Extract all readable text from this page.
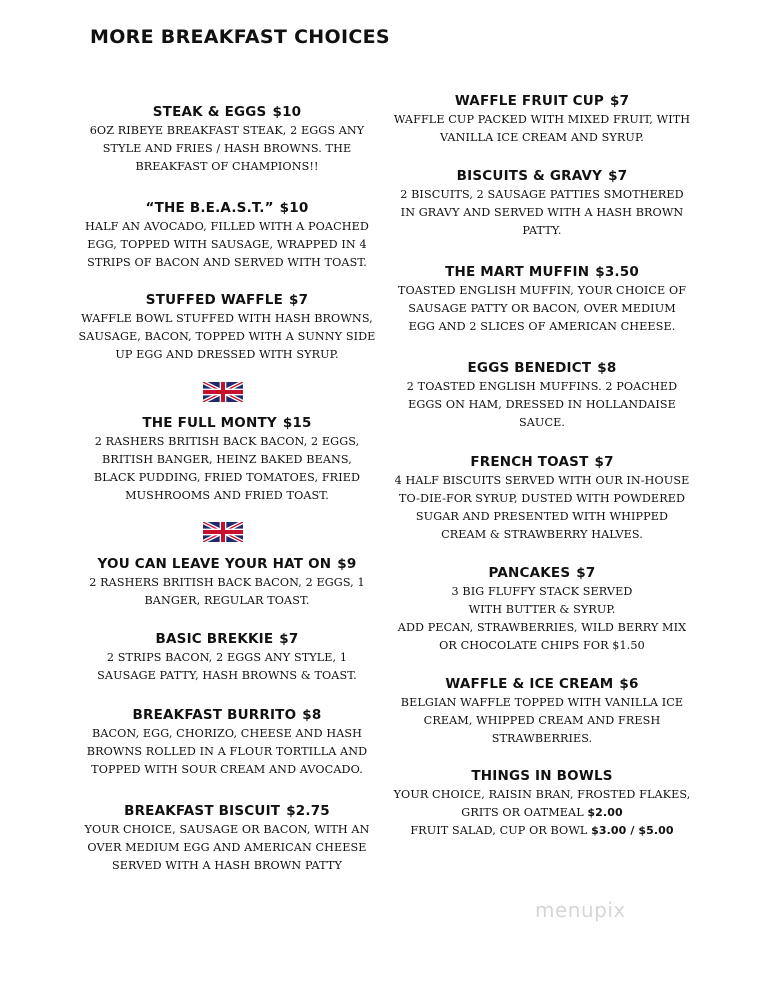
MORE BREAKFAST CHOICES
STEAK & EGGS $10
6OZ RIBEYE BREAKFAST STEAK, 2 EGGS ANY
STYLE AND FRIES / HASH BROWNS. THE
BREAKFAST OF CHAMPIONS!!
“THE B.E.A.S.T.” $10
HALF AN AVOCADO, FILLED WITH A POACHED
EGG, TOPPED WITH SAUSAGE, WRAPPED IN 4
STRIPS OF BACON AND SERVED WITH TOAST.
STUFFED WAFFLE $7
WAFFLE BOWL STUFFED WITH HASH BROWNS,
SAUSAGE, BACON, TOPPED WITH A SUNNY SIDE
UP EGG AND DRESSED WITH SYRUP.
THE FULL MONTY $15
2 RASHERS BRITISH BACK BACON, 2 EGGS,
BRITISH BANGER, HEINZ BAKED BEANS,
BLACK PUDDING, FRIED TOMATOES, FRIED
MUSHROOMS AND FRIED TOAST.
YOU CAN LEAVE YOUR HAT ON $9
2 RASHERS BRITISH BACK BACON, 2 EGGS, 1
BANGER, REGULAR TOAST.
BASIC BREKKIE $7
2 STRIPS BACON, 2 EGGS ANY STYLE, 1
SAUSAGE PATTY, HASH BROWNS & TOAST.
BREAKFAST BURRITO $8
BACON, EGG, CHORIZO, CHEESE AND HASH
BROWNS ROLLED IN A FLOUR TORTILLA AND
TOPPED WITH SOUR CREAM AND AVOCADO.
BREAKFAST BISCUIT $2.75
YOUR CHOICE, SAUSAGE OR BACON, WITH AN
OVER MEDIUM EGG AND AMERICAN CHEESE
SERVED WITH A HASH BROWN PATTY
WAFFLE FRUIT CUP $7
WAFFLE CUP PACKED WITH MIXED FRUIT, WITH
VANILLA ICE CREAM AND SYRUP.
BISCUITS & GRAVY $7
2 BISCUITS, 2 SAUSAGE PATTIES SMOTHERED
IN GRAVY AND SERVED WITH A HASH BROWN
PATTY.
THE MART MUFFIN $3.50
TOASTED ENGLISH MUFFIN, YOUR CHOICE OF
SAUSAGE PATTY OR BACON, OVER MEDIUM
EGG AND 2 SLICES OF AMERICAN CHEESE.
EGGS BENEDICT $8
2 TOASTED ENGLISH MUFFINS. 2 POACHED
EGGS ON HAM, DRESSED IN HOLLANDAISE
SAUCE.
FRENCH TOAST $7
4 HALF BISCUITS SERVED WITH OUR IN-HOUSE
TO-DIE-FOR SYRUP, DUSTED WITH POWDERED
SUGAR AND PRESENTED WITH WHIPPED
CREAM & STRAWBERRY HALVES.
PANCAKES $7
3 BIG FLUFFY STACK SERVED
WITH BUTTER & SYRUP.
ADD PECAN, STRAWBERRIES, WILD BERRY MIX
OR CHOCOLATE CHIPS FOR $1.50
WAFFLE & ICE CREAM $6
BELGIAN WAFFLE TOPPED WITH VANILLA ICE
CREAM, WHIPPED CREAM AND FRESH
STRAWBERRIES.
THINGS IN BOWLS
YOUR CHOICE, RAISIN BRAN, FROSTED FLAKES,
GRITS OR OATMEAL $2.00
FRUIT SALAD, CUP OR BOWL $3.00 / $5.00
menupix
